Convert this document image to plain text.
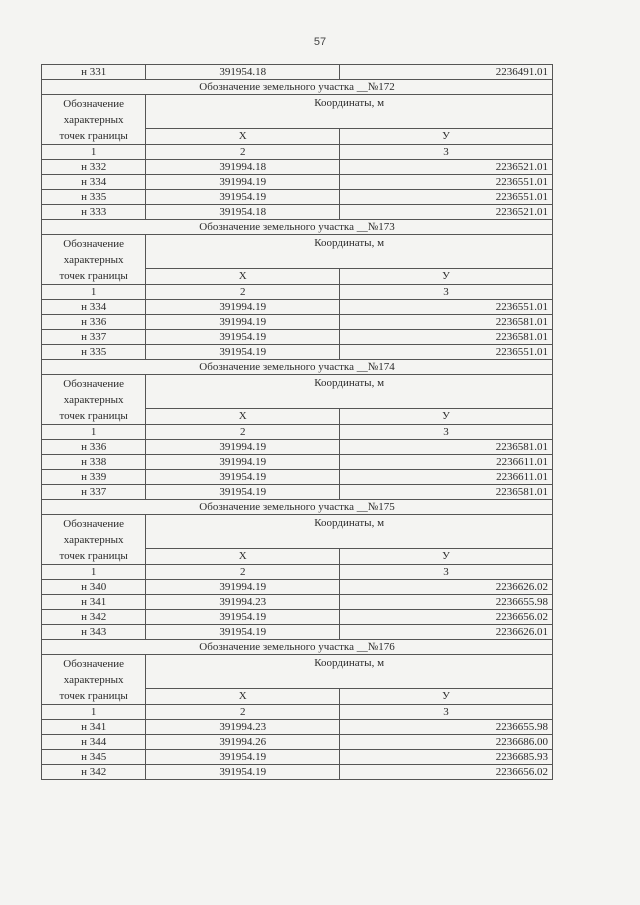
57
н 331	391954.18	2236491.01
Обозначение земельного участка __№172		
Обозначение
характерных
точек границы	Координаты, м	
	X	У
1	2	3
н 332	391994.18	2236521.01
н 334	391994.19	2236551.01
н 335	391954.19	2236551.01
н 333	391954.18	2236521.01
Обозначение земельного участка __№173		
Обозначение
характерных
точек границы	Координаты, м	
	X	У
1	2	3
н 334	391994.19	2236551.01
н 336	391994.19	2236581.01
н 337	391954.19	2236581.01
н 335	391954.19	2236551.01
Обозначение земельного участка __№174		
Обозначение
характерных
точек границы	Координаты, м	
	X	У
1	2	3
н 336	391994.19	2236581.01
н 338	391994.19	2236611.01
н 339	391954.19	2236611.01
н 337	391954.19	2236581.01
Обозначение земельного участка __№175		
Обозначение
характерных
точек границы	Координаты, м	
	X	У
1	2	3
н 340	391994.19	2236626.02
н 341	391994.23	2236655.98
н 342	391954.19	2236656.02
н 343	391954.19	2236626.01
Обозначение земельного участка __№176		
Обозначение
характерных
точек границы	Координаты, м	
	X	У
1	2	3
н 341	391994.23	2236655.98
н 344	391994.26	2236686.00
н 345	391954.19	2236685.93
н 342	391954.19	2236656.02
